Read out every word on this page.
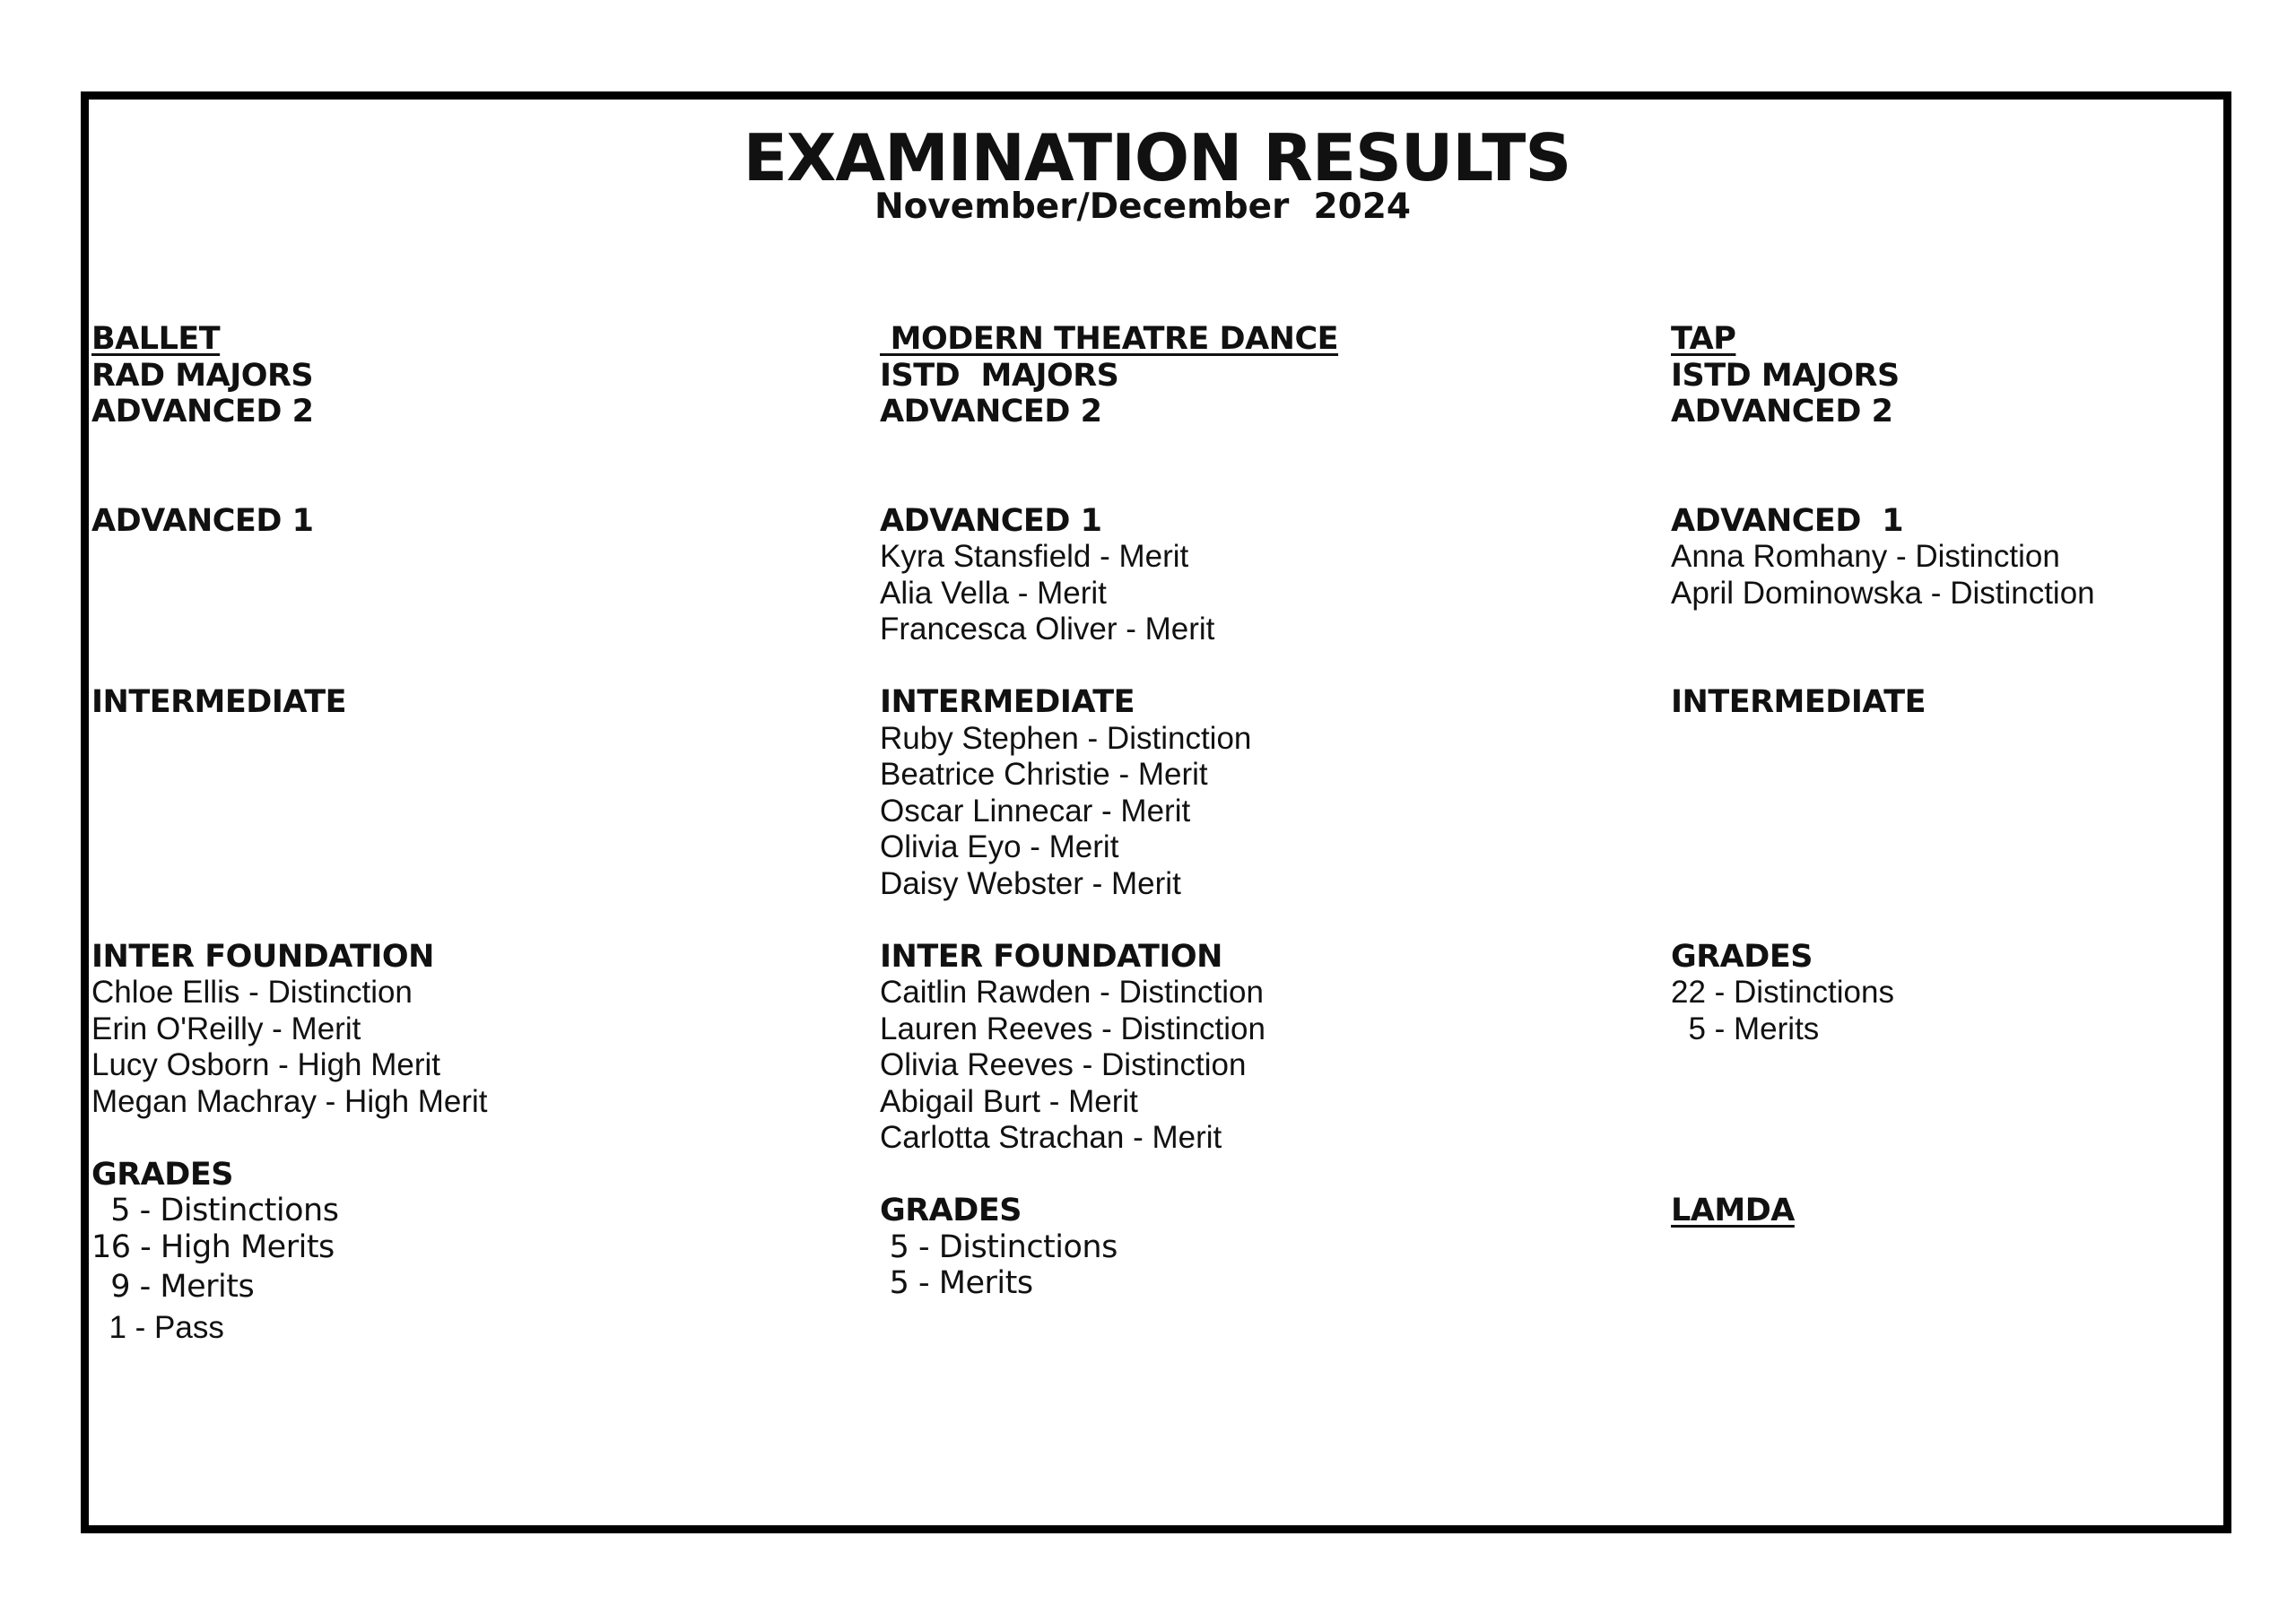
EXAMINATION RESULTS
November/December  2024
BALLET
RAD MAJORS
ADVANCED 2
ADVANCED 1
INTERMEDIATE
INTER FOUNDATION
Chloe Ellis - Distinction
Erin O'Reilly - Merit
Lucy Osborn - High Merit
Megan Machray - High Merit
GRADES
5 - Distinctions
16 - High Merits
9 - Merits
1 - Pass
MODERN THEATRE DANCE
ISTD  MAJORS
ADVANCED 2
ADVANCED 1
Kyra Stansfield - Merit
Alia Vella - Merit
Francesca Oliver - Merit
INTERMEDIATE
Ruby Stephen - Distinction
Beatrice Christie - Merit
Oscar Linnecar - Merit
Olivia Eyo - Merit
Daisy Webster - Merit
INTER FOUNDATION
Caitlin Rawden - Distinction
Lauren Reeves - Distinction
Olivia Reeves - Distinction
Abigail Burt - Merit
Carlotta Strachan - Merit
GRADES
5 - Distinctions
5 - Merits
TAP
ISTD MAJORS
ADVANCED 2
ADVANCED  1
Anna Romhany - Distinction
April Dominowska - Distinction
INTERMEDIATE
GRADES
22 - Distinctions
5 - Merits
LAMDA
